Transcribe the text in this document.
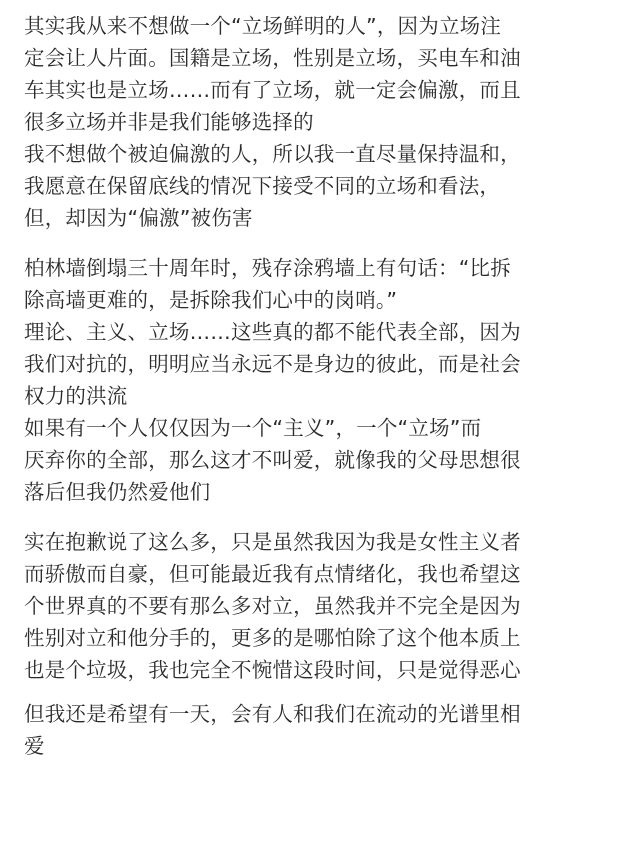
其实我从来不想做一个“立场鲜明的人”，因为立场注
定会让人片面。国籍是立场，性别是立场，买电车和油
车其实也是立场……而有了立场，就一定会偏激，而且
很多立场并非是我们能够选择的
我不想做个被迫偏激的人，所以我一直尽量保持温和，
我愿意在保留底线的情况下接受不同的立场和看法，
但，却因为“偏激”被伤害
柏林墙倒塌三十周年时，残存涂鸦墙上有句话：“比拆
除高墙更难的，是拆除我们心中的岗哨。”
理论、主义、立场……这些真的都不能代表全部，因为
我们对抗的，明明应当永远不是身边的彼此，而是社会
权力的洪流
如果有一个人仅仅因为一个“主义”，一个“立场”而
厌弃你的全部，那么这才不叫爱，就像我的父母思想很
落后但我仍然爱他们
实在抱歉说了这么多，只是虽然我因为我是女性主义者
而骄傲而自豪，但可能最近我有点情绪化，我也希望这
个世界真的不要有那么多对立，虽然我并不完全是因为
性别对立和他分手的，更多的是哪怕除了这个他本质上
也是个垃圾，我也完全不惋惜这段时间，只是觉得恶心
但我还是希望有一天，会有人和我们在流动的光谱里相
爱
